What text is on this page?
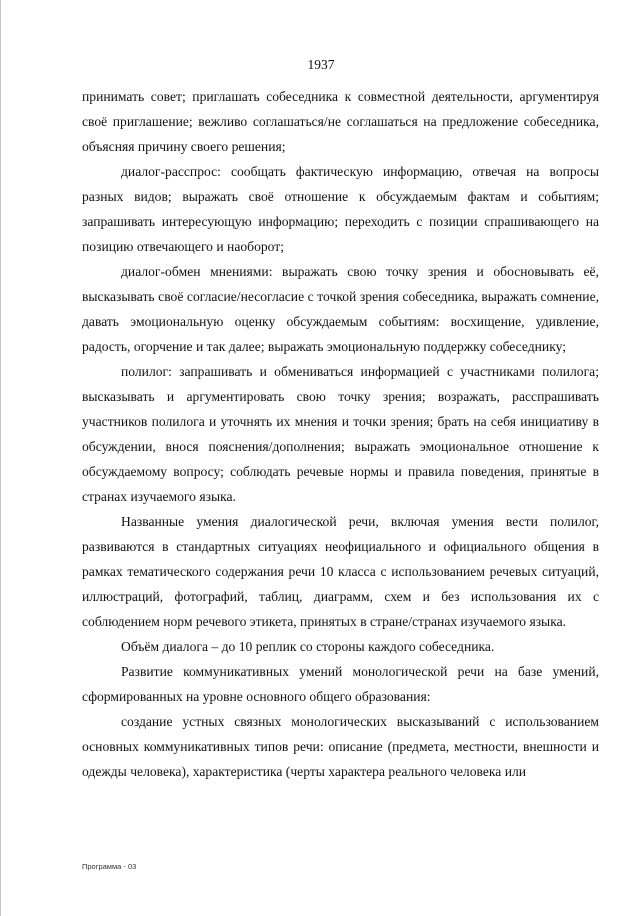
1937

принимать совет; приглашать собеседника к совместной деятельности, аргументируя своё приглашение; вежливо соглашаться/не соглашаться на предложение собеседника, объясняя причину своего решения;

диалог-расспрос: сообщать фактическую информацию, отвечая на вопросы разных видов; выражать своё отношение к обсуждаемым фактам и событиям; запрашивать интересующую информацию; переходить с позиции спрашивающего на позицию отвечающего и наоборот;

диалог-обмен мнениями: выражать свою точку зрения и обосновывать её, высказывать своё согласие/несогласие с точкой зрения собеседника, выражать сомнение, давать эмоциональную оценку обсуждаемым событиям: восхищение, удивление, радость, огорчение и так далее; выражать эмоциональную поддержку собеседнику;

полилог: запрашивать и обмениваться информацией с участниками полилога; высказывать и аргументировать свою точку зрения; возражать, расспрашивать участников полилога и уточнять их мнения и точки зрения; брать на себя инициативу в обсуждении, внося пояснения/дополнения; выражать эмоциональное отношение к обсуждаемому вопросу; соблюдать речевые нормы и правила поведения, принятые в странах изучаемого языка.

Названные умения диалогической речи, включая умения вести полилог, развиваются в стандартных ситуациях неофициального и официального общения в рамках тематического содержания речи 10 класса с использованием речевых ситуаций, иллюстраций, фотографий, таблиц, диаграмм, схем и без использования их с соблюдением норм речевого этикета, принятых в стране/странах изучаемого языка.

Объём диалога – до 10 реплик со стороны каждого собеседника.

Развитие коммуникативных умений монологической речи на базе умений, сформированных на уровне основного общего образования:

создание устных связных монологических высказываний с использованием основных коммуникативных типов речи: описание (предмета, местности, внешности и одежды человека), характеристика (черты характера реального человека или

Программа - 03
